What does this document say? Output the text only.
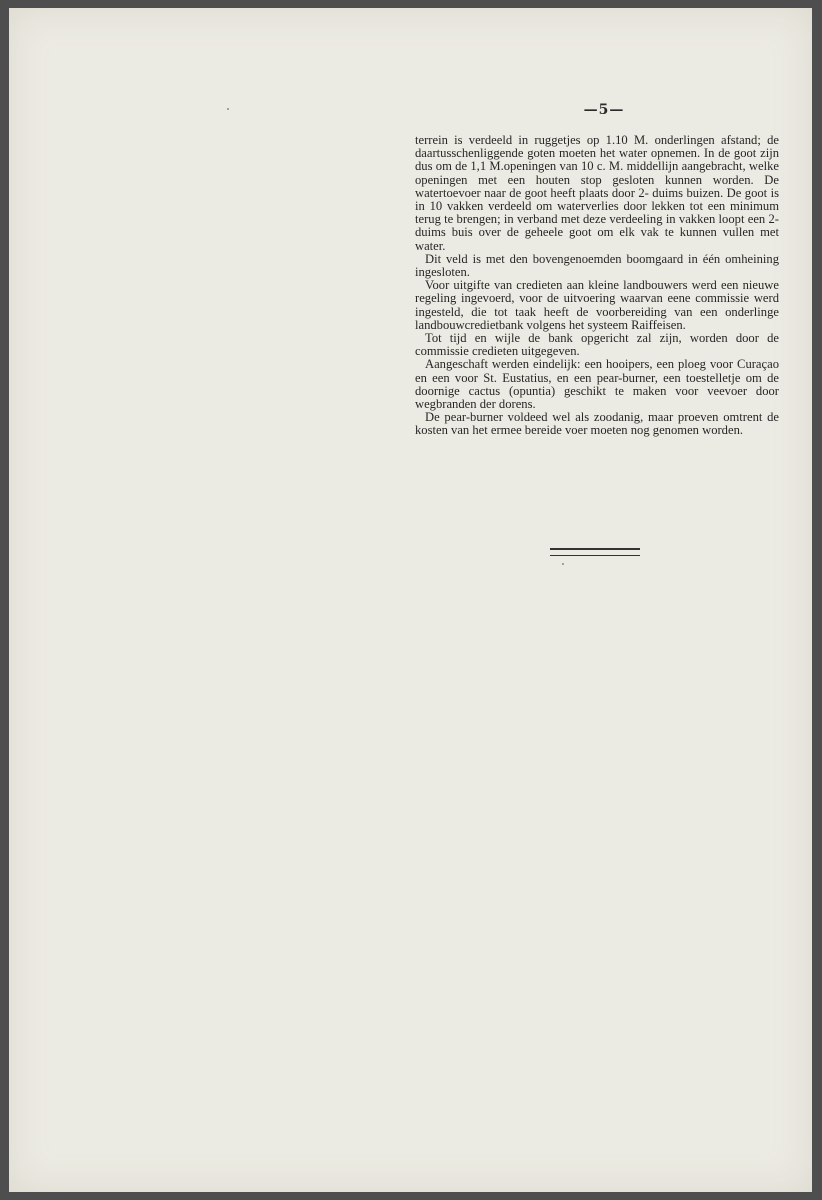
—5—

terrein is verdeeld in ruggetjes op 1.10 M. onderlingen afstand; de daartusschenliggende goten moeten het water opnemen. In de goot zijn dus om de 1,1 M.openingen van 10 c. M. middellijn aangebracht, welke openingen met een houten stop gesloten kunnen worden. De watertoevoer naar de goot heeft plaats door 2- duims buizen. De goot is in 10 vakken verdeeld om waterverlies door lekken tot een minimum terug te brengen; in verband met deze verdeeling in vakken loopt een 2- duims buis over de geheele goot om elk vak te kunnen vullen met water.

Dit veld is met den bovengenoemden boomgaard in één omheining ingesloten.

Voor uitgifte van credieten aan kleine landbouwers werd een nieuwe regeling ingevoerd, voor de uitvoering waarvan eene commissie werd ingesteld, die tot taak heeft de voorbereiding van een onderlinge landbouwcredietbank volgens het systeem Raiffeisen.

Tot tijd en wijle de bank opgericht zal zijn, worden door de commissie credieten uitgegeven.

Aangeschaft werden eindelijk: een hooipers, een ploeg voor Curaçao en een voor St. Eustatius, en een pear-burner, een toestelletje om de doornige cactus (opuntia) geschikt te maken voor veevoer door wegbranden der dorens.

De pear-burner voldeed wel als zoodanig, maar proeven omtrent de kosten van het ermee bereide voer moeten nog genomen worden.
